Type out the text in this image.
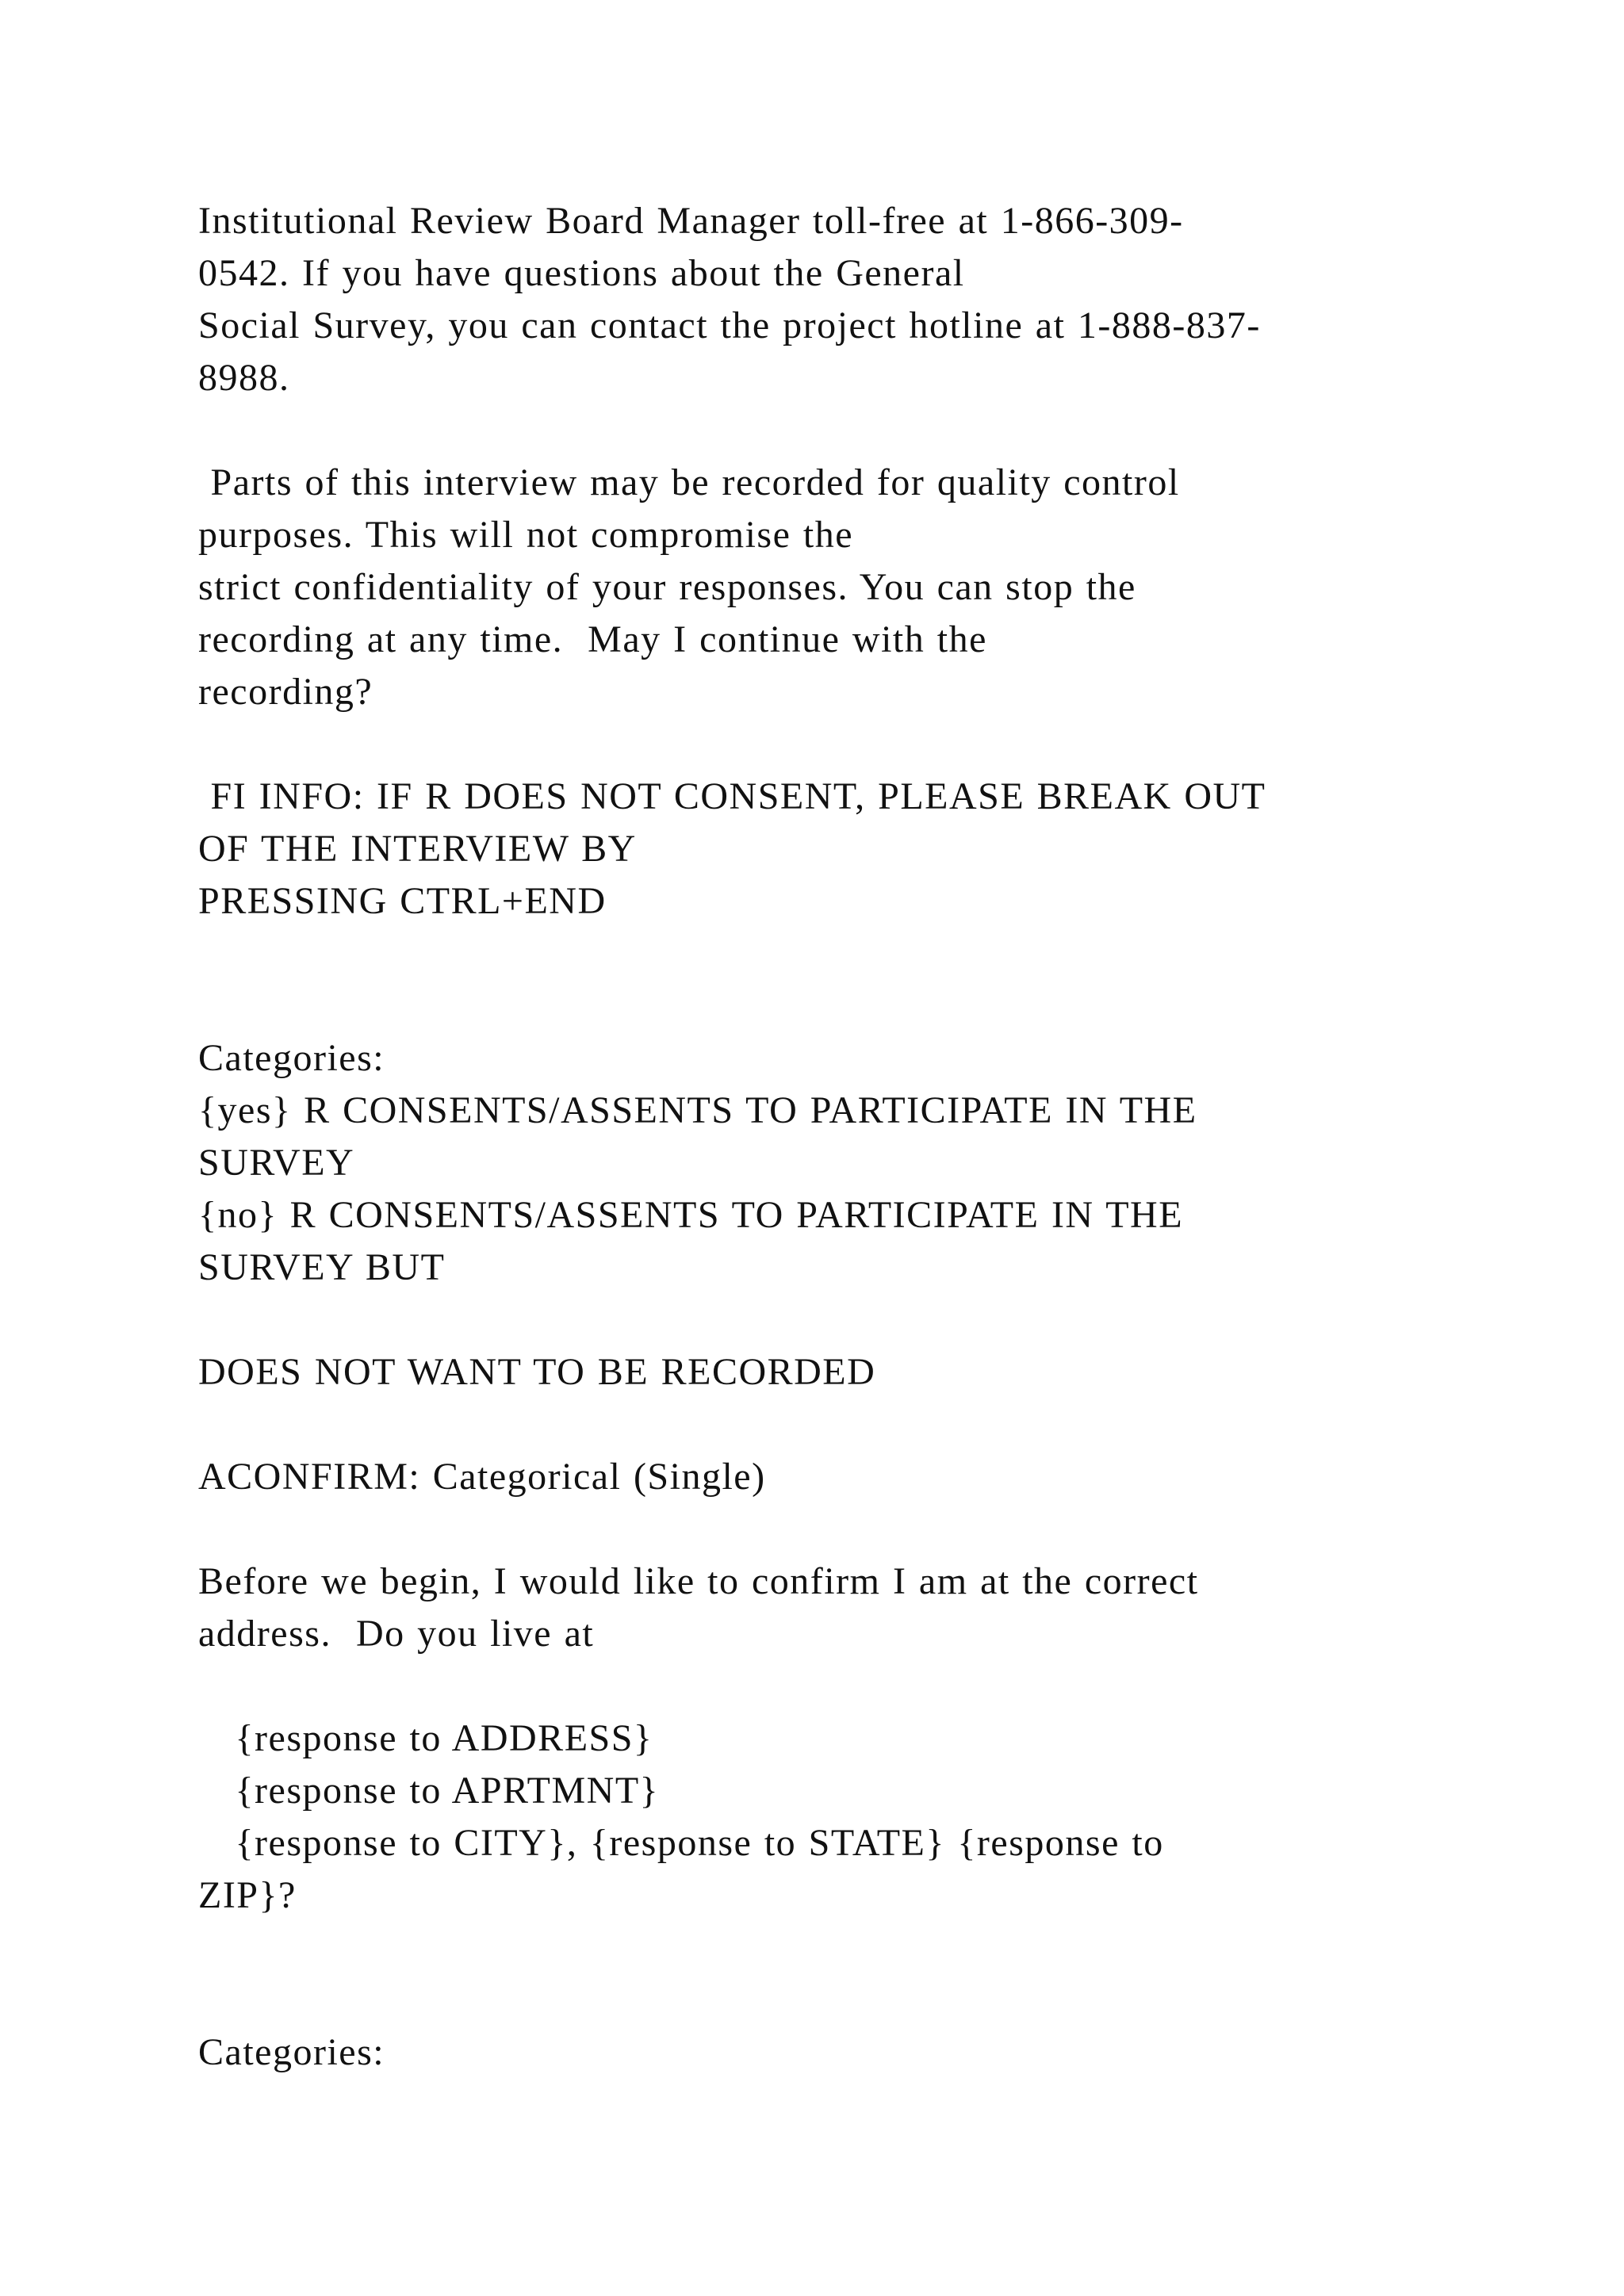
Institutional Review Board Manager toll-free at 1-866-309-
0542. If you have questions about the General
Social Survey, you can contact the project hotline at 1-888-837-
8988.
Parts of this interview may be recorded for quality control
purposes. This will not compromise the
strict confidentiality of your responses. You can stop the
recording at any time.  May I continue with the
recording?
FI INFO: IF R DOES NOT CONSENT, PLEASE BREAK OUT
OF THE INTERVIEW BY
PRESSING CTRL+END
Categories:
{yes} R CONSENTS/ASSENTS TO PARTICIPATE IN THE
SURVEY
{no} R CONSENTS/ASSENTS TO PARTICIPATE IN THE
SURVEY BUT
DOES NOT WANT TO BE RECORDED
ACONFIRM: Categorical (Single)
Before we begin, I would like to confirm I am at the correct
address.  Do you live at
{response to ADDRESS}
{response to APRTMNT}
{response to CITY}, {response to STATE} {response to
ZIP}?
Categories:
